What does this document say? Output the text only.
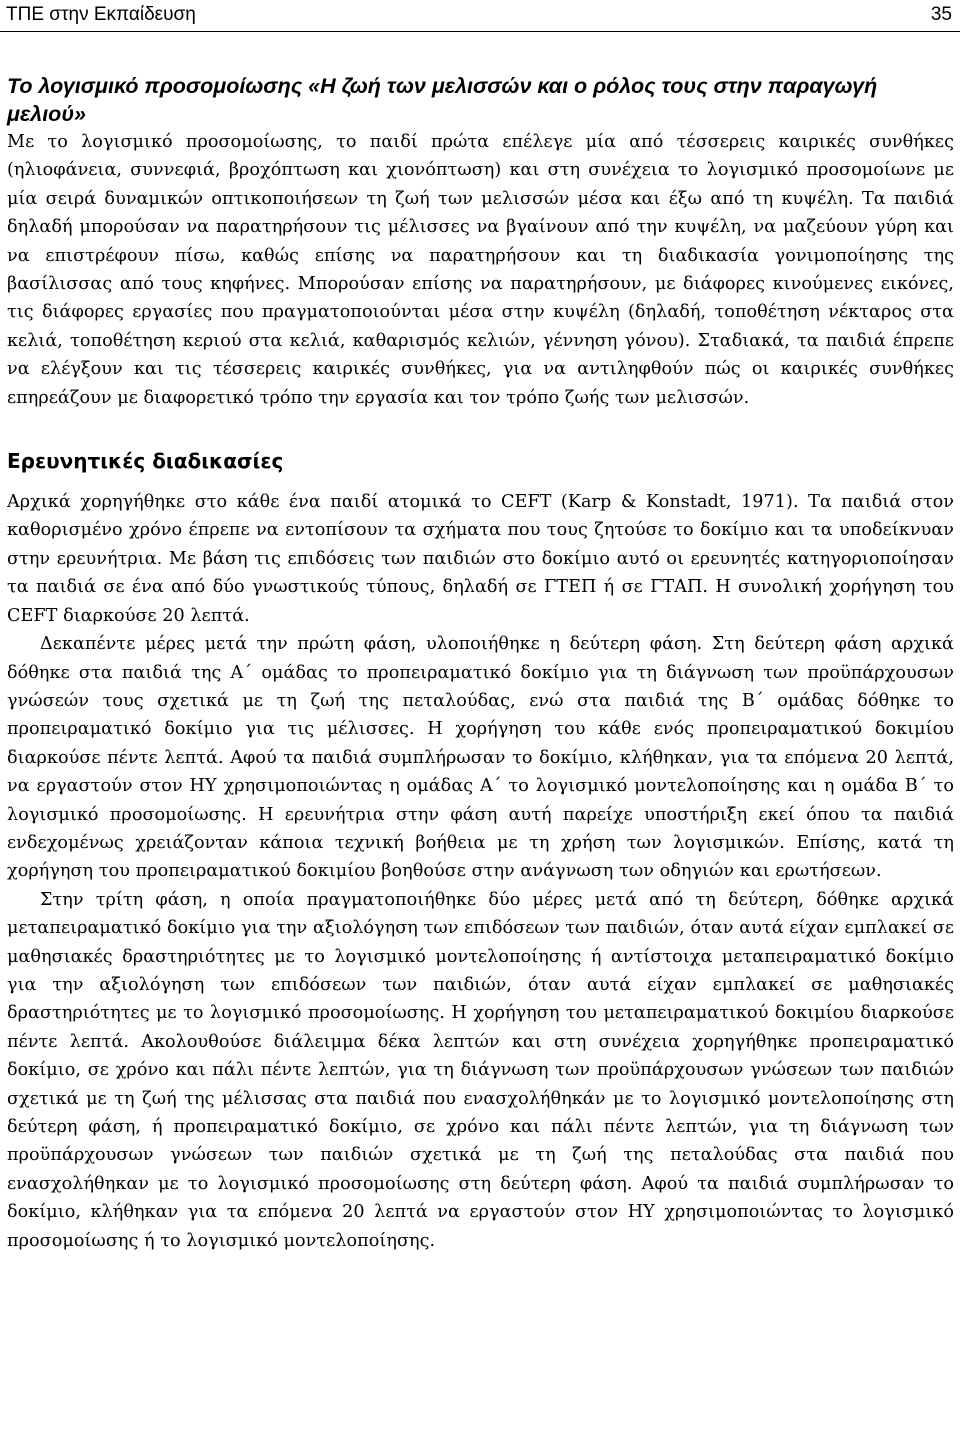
ΤΠΕ στην Εκπαίδευση	35
Το λογισμικό προσομοίωσης «Η ζωή των μελισσών και ο ρόλος τους στην παραγωγή μελιού»

Με το λογισμικό προσομοίωσης, το παιδί πρώτα επέλεγε μία από τέσσερεις καιρικές συνθήκες (ηλιοφάνεια, συννεφιά, βροχόπτωση και χιονόπτωση) και στη συνέχεια το λογισμικό προσομοίωνε με μία σειρά δυναμικών οπτικοποιήσεων τη ζωή των μελισσών μέσα και έξω από τη κυψέλη. Τα παιδιά δηλαδή μπορούσαν να παρατηρήσουν τις μέλισσες να βγαίνουν από την κυψέλη, να μαζεύουν γύρη και να επιστρέφουν πίσω, καθώς επίσης να παρατηρήσουν και τη διαδικασία γονιμοποίησης της βασίλισσας από τους κηφήνες. Μπορούσαν επίσης να παρατηρήσουν, με διάφορες κινούμενες εικόνες, τις διάφορες εργασίες που πραγματοποιούνται μέσα στην κυψέλη (δηλαδή, τοποθέτηση νέκταρος στα κελιά, τοποθέτηση κεριού στα κελιά, καθαρισμός κελιών, γέννηση γόνου). Σταδιακά, τα παιδιά έπρεπε να ελέγξουν και τις τέσσερεις καιρικές συνθήκες, για να αντιληφθούν πώς οι καιρικές συνθήκες επηρεάζουν με διαφορετικό τρόπο την εργασία και τον τρόπο ζωής των μελισσών.

Ερευνητικές διαδικασίες

Αρχικά χορηγήθηκε στο κάθε ένα παιδί ατομικά το CEFT (Karp & Konstadt, 1971). Τα παιδιά στον καθορισμένο χρόνο έπρεπε να εντοπίσουν τα σχήματα που τους ζητούσε το δοκίμιο και τα υποδείκνυαν στην ερευνήτρια. Με βάση τις επιδόσεις των παιδιών στο δοκίμιο αυτό οι ερευνητές κατηγοριοποίησαν τα παιδιά σε ένα από δύο γνωστικούς τύπους, δηλαδή σε ΓΤΕΠ ή σε ΓΤΑΠ. Η συνολική χορήγηση του CEFT διαρκούσε 20 λεπτά.

Δεκαπέντε μέρες μετά την πρώτη φάση, υλοποιήθηκε η δεύτερη φάση. Στη δεύτερη φάση αρχικά δόθηκε στα παιδιά της Α΄ ομάδας το προπειραματικό δοκίμιο για τη διάγνωση των προϋπάρχουσων γνώσεών τους σχετικά με τη ζωή της πεταλούδας, ενώ στα παιδιά της Β΄ ομάδας δόθηκε το προπειραματικό δοκίμιο για τις μέλισσες. Η χορήγηση του κάθε ενός προπειραματικού δοκιμίου διαρκούσε πέντε λεπτά. Αφού τα παιδιά συμπλήρωσαν το δοκίμιο, κλήθηκαν, για τα επόμενα 20 λεπτά, να εργαστούν στον ΗΥ χρησιμοποιώντας η ομάδας Α΄ το λογισμικό μοντελοποίησης και η ομάδα Β΄ το λογισμικό προσομοίωσης. Η ερευνήτρια στην φάση αυτή παρείχε υποστήριξη εκεί όπου τα παιδιά ενδεχομένως χρειάζονταν κάποια τεχνική βοήθεια με τη χρήση των λογισμικών. Επίσης, κατά τη χορήγηση του προπειραματικού δοκιμίου βοηθούσε στην ανάγνωση των οδηγιών και ερωτήσεων.

Στην τρίτη φάση, η οποία πραγματοποιήθηκε δύο μέρες μετά από τη δεύτερη, δόθηκε αρχικά μεταπειραματικό δοκίμιο για την αξιολόγηση των επιδόσεων των παιδιών, όταν αυτά είχαν εμπλακεί σε μαθησιακές δραστηριότητες με το λογισμικό μοντελοποίησης ή αντίστοιχα μεταπειραματικό δοκίμιο για την αξιολόγηση των επιδόσεων των παιδιών, όταν αυτά είχαν εμπλακεί σε μαθησιακές δραστηριότητες με το λογισμικό προσομοίωσης. Η χορήγηση του μεταπειραματικού δοκιμίου διαρκούσε πέντε λεπτά. Ακολουθούσε διάλειμμα δέκα λεπτών και στη συνέχεια χορηγήθηκε προπειραματικό δοκίμιο, σε χρόνο και πάλι πέντε λεπτών, για τη διάγνωση των προϋπάρχουσων γνώσεων των παιδιών σχετικά με τη ζωή της μέλισσας στα παιδιά που ενασχολήθηκάν με το λογισμικό μοντελοποίησης στη δεύτερη φάση, ή προπειραματικό δοκίμιο, σε χρόνο και πάλι πέντε λεπτών, για τη διάγνωση των προϋπάρχουσων γνώσεων των παιδιών σχετικά με τη ζωή της πεταλούδας στα παιδιά που ενασχολήθηκαν με το λογισμικό προσομοίωσης στη δεύτερη φάση. Αφού τα παιδιά συμπλήρωσαν το δοκίμιο, κλήθηκαν για τα επόμενα 20 λεπτά να εργαστούν στον ΗΥ χρησιμοποιώντας το λογισμικό προσομοίωσης ή το λογισμικό μοντελοποίησης.
